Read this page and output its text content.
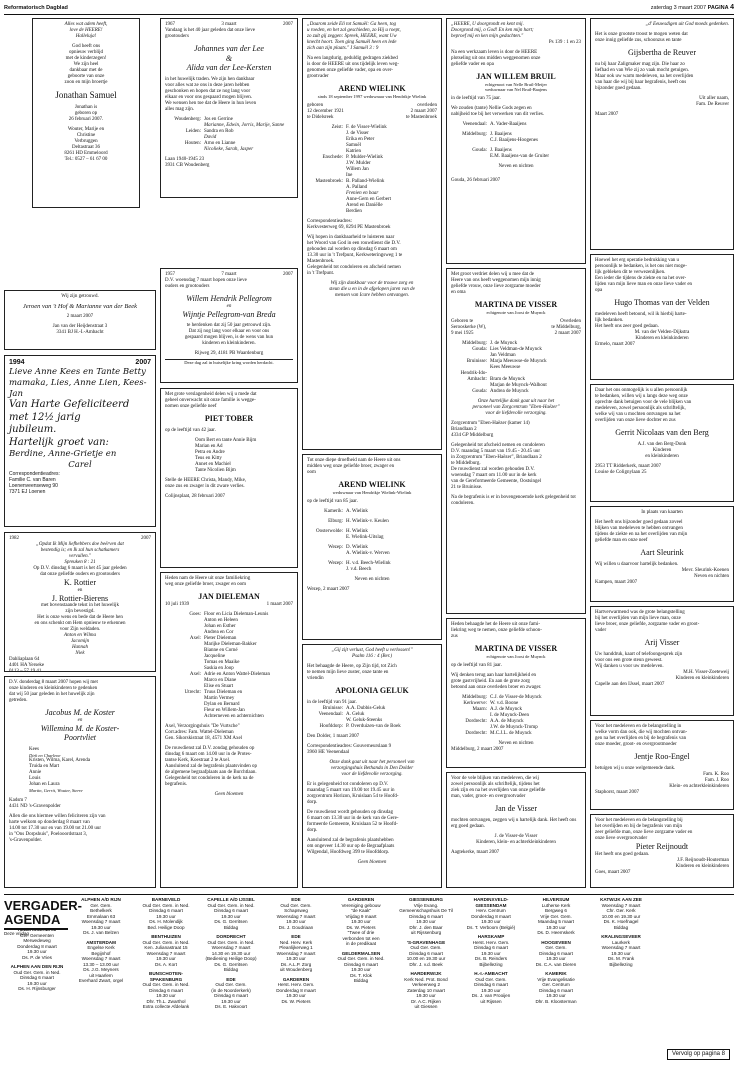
Reformatorisch Dagblad	zaterdag 3 maart 2007 PAGINA 4
Alles wat adem heeft,
love de HEERE!
Halleluja!
God heeft ons
opnieuw verblijd
met de kinderzegen!
We zijn heel
dankbaar met de
geboorte van onze
zoon en mijn broertje
Jonathan Samuel
Jonathan is
geboren op
26 februari 2007.
Wouter, Marije en
Christine
Verbruggen
Deltastraat 36
8261 HD Emmeloord
Tel.: 0527 – 61 67 00
Wij zijn getrouwd.
Jeroen van 't Hof & Marianne van der Beek
2 maart 2007
Jan van der Heijdenstraat 3
3341 BJ H.-I.-Ambacht
1994	2007
Lieve Anne Kees en Tante Betty
mamaka, Lies, Anne Lien, Kees-Jan
Van Harte Gefeliciteerd
met 12½ jarig
jubileum.
Hartelijk groet van:
Berdine, Anne-Grietje en
Carel
Correspondentieadres:
Familie C. van Baren
Loenenveenseweg 90
7371 EJ Loenen
1982	2007
„Opdat Ik Mijn liefhebbers doe beërven dat
bestendig is; en Ik zal hun schatkamers
vervullen."
Spreuken 8 : 21
Op D.V. dinsdag 6 maart is het 45 jaar geleden
dat onze geliefde ouders en grootouders
K. Rottier
en
J. Rottier-Bierens
met bovenstaande tekst in het huwelijk
zijn bevestigd.
Het is onze wens en bede dat de Heere hen
en ons schenkt om Hem opnieuw te erkennen
voor Zijn weldaden.
Anton en Wilma
Jacomijn
Hannah
Niek
Dahliaplaan 64
4401 HA Yerseke
0113 – 57 19 41
D.V. donderdag 8 maart 2007 hopen wij met
onze kinderen en kleinkinderen te gedenken
dat wij 50 jaar geleden in het huwelijk zijn
getreden.
Jacobus M. de Koster
en
Willemina M. de Koster-
Poortvliet
Kees
Dirk en Charlene
Kristen, Wilma, Karel, Arenda
Truida en Mart
Annie
Louis
Johan en Laura
Martin, Gerrit, Wouter, Sterre
Kadsm 7
4431 ND 's-Gravenpolder
Allen die ons hiermee willen feliciteren zijn van
harte welkom op donderdag 8 maart van
14.00 tot 17.30 uur en van 19.00 tot 21.00 uur
in "Ons Dorpshuis", Poelooordstraat 3,
's-Gravenpolder.
1967	3 maart	2007
Vandaag is het 40 jaar geleden dat onze lieve
grootouders
Johannes van der Lee
&
Alida van der Lee-Kersten
in het huwelijk traden. We zijn hen dankbaar
voor alles wat ze ons in deze jaren hebben
geschonken en hopen dat ze nog lang voor
elkaar en voor ons gespaard mogen blijven.
We wensen hen toe dat de Heere in hun leven
alles mag zijn.
Woudenberg: Jos en Gerrine
Marianne, Edwin, Jorris, Marije, Sanne
Leiden: Sandra en Rob
David
Houten: Arno en Lianne
Nicolieke, Sarah, Jasper
Laan 1940-1945 23
3931 CB Woudenberg
1957	7 maart	2007
D.V. woensdag 7 maart hopen onze lieve
ouders en grootouders
Willem Hendrik Pellegrom
en
Wijntje Pellegrom-van Breda
te herdenken dat zij 50 jaar getrouwd zijn.
Dat zij nog lang voor elkaar en voor ons
gespaard mogen blijven, is de wens van hun
kinderen en kleinkinderen.
Rijweg 29, 4181 PB Waardenburg
Deze dag zal in huiselijke kring worden herdacht.
Met grote verslagenheid delen wij u mede dat
geheel onverwacht uit onze familie is wegge-
nomen onze geliefde neef
PIET TOBER
op de leeftijd van 42 jaar.
Oom Bert en tante Annie Bijm
Marian en Ad
Petra en Andre
Teus en Kitty
Annet en Machiel
Tante Nicolien Bijm
Stelle de HEERE Christa, Mandy, Mike,
onze zus en zwager in dit zware verlies.
Colijnsplaat, 28 februari 2007
Heden nam de Heere uit onze familiekring
weg onze geliefde broer, zwager en oom
JAN DIELEMAN
10 juli 1939	1 maart 2007
Goes: Floor en Licia Dieleman-Leunis
Anton en Heleen
Johan en Esther
Andrea en Cor
Axel: Pieter Dieleman
Marijke Dieleman-Bakker
Bianne en Corné
Jacqueline
Tomas en Maaike
Saskia en Joop
Axel: Adrie en Anton Wattel-Dieleman
Marco en Diane
Elise en Stuart
Utrecht: Truus Dieleman en
Martin Vermey
Dylan en Bernard
Fleur en Willem-Jan
Achterneven en achternichten
Axel, Verzorgingshuis "De Vurtsche"
Corr.adres: Fam. Wattel-Dieleman
Gen. Sikorskistraat 18, 4571 XM Axel
De rouwdienst zal D.V. zondag gehouden op
dinsdag 6 maart om 14.00 uur in de Protes-
tantse Kerk, Koestraat 2 te Axel.
Aansluitend zal de begrafenis plaatsvinden op
de algemene begraafplaats aan de Burchtlaan.
Gelegenheid tot condoleren in de kerk na de
begrafenis.
Geen bloemen
„Daarom zeide Eli tot Samuël: Ga heen, tog
u roeden, en het zal geschieden, zo Hij u roept,
zo zult gij zeggen: Spreek, HEERE, want Uw
knecht hoort. Toen ging Samuël heen en lede
zich aan zijn plaats." I Samuël 3 : 9
Na een langdurig, geduldig gedragen ziekbed
is door de HEERE uit ons tijdelijk leven weg-
genomen onze geliefde vader, opa en over-
grootvader
AREND WIELINK
sinds 18 september 1997 weduwnaar van Hendrikje Wielink
geboren	overleden
12 december 1921	2 maart 2007
te Didelsreek	te Mastenbroek
Zeist: F. de Visser-Wielink
J. de Visser
Erika en Peter
Samuël
Katrien
Enschede: P. Mulder-Wielink
J.W. Mulder
Willem Jan
Ine
Mastenbroek: B. Palland-Wielink
A. Palland
Frenien en baar
Anne-Gern en Gerbert
Arend en Daniëlle
Berdien
Correspondentieadres:
Kerkvesterweg 69, 8294 PE Mastenbroek
Wij hopen in dankbaarheid te luisteren naar
het Woord van God in een rouwdienst die D.V.
gehouden zal worden op dinsdag 6 maart om
13.30 uur in 't Trefpunt, Kerkweteringsweg 1 te
Mastenbroek.
Gelegenheid tot condoleren en afscheid nemen
in 't Trefpunt.
Wij zijn dankbaar voor de trouwe zorg en
steun die u en in de afgelopen jaren van de
mensen van Icare hebben ontvangen.
Tot onze diepe droefheid nam de Heere uit ons
midden weg onze geliefde broer, zwager en
oom
AREND WIELINK
weduwnaar van Hendrikje Wielink-Wielink
op de leeftijd van 85 jaar.
Kamerik: A. Wielink
Elburg: H. Wielink-v. Keulen
Oosterwolde: H. Wielink
E. Wielink-Uitslag
Wezep: D. Wielink
A. Wielink-v. Werven
Wezep: H. v.d. Beech-Wielink
J. v.d. Beech
Neven en nichten
Wezep, 2 maart 2007
„Gij zijt verlust, God heeft u verlossen!"
Psalm 116 : 4 (Ber.)
Het behaagde de Heere, op Zijn tijd, tot Zich
te nemen mijn lieve zuster, onze tante en
vriendin
APOLONIA GELUK
in de leeftijd van 91 jaar.
Bruinisse: A.A. Dubbis-Geluk
Veenendaal: A. Geluk
W. Geluk-Steenks
Hoofddorp: P. Overduizen-van de Boek
Den Dolder, 1 maart 2007
Correspondentieadres: Gouverneurslaan 9
3960 HE Veenendaal
Onze dank gaat uit naar het personeel van
verzorgingshuis Bethanda in Den Dolder
voor de liefdevolle verzorging.
Er is gelegenheid tot condoleren op D.V.
maandag 5 maart van 19.00 tot 19.45 uur in
zorgcentrum Horizon, Kruislaan 54 te Hoofd-
dorp.
De rouwdienst wordt gehouden op dinsdag
6 maart om 13.30 uur in de kerk van de Gere-
formeerde Gemeente, Kruislaan 52 te Hoofd-
dorp.
Aansluitend zal de begrafenis plaatshebben
om ongeveer 14.30 uur op de Begraafplaats
Wilgendal, Hoofdweg 399 te Hoofddorp.
Geen bloemen
„HEERE, U doorgrondt en kent mij.
Doorgrond mij, o God! En ken mijn hart;
beproef mij en ken mijn gedachten."
Ps 139 : 1 en 23
Na een werkzaam leven is door de HEERE
plotseling uit ons midden weggenomen onze
geliefde vader en opa
JAN WILLEM BRUIL
echtgenoot van Nelle Bruil-Meijer
weduwnaar van Nel Bruil-Baajens
in de leeftijd van 75 jaar.
We zouden (tante) Nellie Gods zegen en
nabijheid toe bij het verwerken van dit verlies.
Veenendaal: A. Vader-Baaijens
Middelburg: J. Baaijens
C.J. Baaijens-Hoogenes
Gouda: J. Baaijens
E.M. Baaijens-van de Gruiter
Neven en nichten
Gouda, 26 februari 2007
Met groot verdriet delen wij u mee dat de
Heere van ons heeft weggenomen mijn innig
geliefde vrouw, onze lieve zorgzame moeder
en oma
MARTINA DE VISSER
echtgenote van Joost de Muynck
Geboren te	Overleden
Serooskerke (W),	te Middelburg,
9 mei 1925	2 maart 2007
Middelburg: J. de Muynck
Gouda: Lies Veldman-de Muynck
Jan Veldman
Bruinisse: Marja Meeuwse-de Muynck
Kees Meeuwse
Hendrik-Ido-Ambacht: Bram de Muynck
Marjan de Muynck-Walhout
Gouda: Andrea de Muynck
Onze hartelijke dank gaat uit naar het
personeel van Zorgcentrum "Eben-Haëzer"
voor de liefdevolle verzorging.
Zorgcentrum "Eben-Haëzer (kamer 14)
Briandlaan 2
4334 GP Middelburg
Gelegenheid tot afscheid nemen en condoleren
D.V. maandag 5 maart van 19.45 - 20.45 uur
in Zorgcentrum "Eben-Haëzer", Briandlaan 2
te Middelburg.
De rouwdienst zal worden gehouden D.V.
woensdag 7 maart om 11.00 uur in de kerk
van de Gereformeerde Gemeente, Oostsingel
21 te Bruinisse.
Na de begrafenis is er in bovengenoemde kerk gelegenheid tot condoleren.
Heden behaagde het de Heere uit onze fami-
liekring weg te nemen, onze geliefde schoon-
zus
MARTINA DE VISSER
echtgenote van Joost de Muynck
op de leeftijd van 81 jaar.
Wij denken terug aan haar hartelijkheid en
grote gastvrijheid. En aan de grote zorg
betoond aan onze overleden broer en zwager.
Middelburg: C.J. de Visser-de Muynck
Kerkwerve: W. v.d. Boone
Maarn: A.J. de Muynck
I. de Muynck-Deen
Dordrecht: A.A. de Muynck
J.W. de Muynck-Tromp
Dordrecht: M.C.J.L. de Muynck
Neven en nichten
Middelburg, 2 maart 2007
Voor de vele blijken van medeleven, die wij
zowel persoonlijk als schriftelijk, tijdens het
ziek zijn en na het overlijden van onze geliefde
man, vader, groot- en overgrootvader
Jan de Visser
mochten ontvangen, zeggen wij u hartelijk dank. Het heeft ons erg goed gedaan.
J. de Visser-de Visser
Kinderen, klein- en achterkleinkinderen
Aagtekerke, maart 2007
„d' Eeuwsdigen uit God moeds gedenken.
Het is onze grootste troost te mogen weten dat
onze innig geliefde zus, schoonzus en tante
Gijsbertha de Reuver
nu bij haar Zaligmaker mag zijn. Die haar zo
liefhad en van Wie zij zo vaak mocht getuigen.
Maar ook uw warm medeleven, na het overlijden
van haar die wij bij haar begrafenis, heeft ons
bijzonder goed gedaan.
Uit aller naam,
Fam. De Reuver
Maart 2007
Hoewel het erg operatie bedrukking van u
persoonlijk te bedanken, is het ons niet moge-
lijk gebleken dit te verwezenlijken.
Een ieder die tijdens de ziekte en na het over-
lijden van mijn lieve man en onze lieve vader en
opa
Hugo Thomas van der Velden
medeleven heeft betoond, wil ik hierbij harte-
lijk bedanken.
Het heeft ons zeer goed gedaan.
M. van der Velden-Dijkstra
Kinderen en kleinkinderen
Ermelo, maart 2007
Daar het ons onmogelijk is u allen persoonlijk
te bedanken, willen wij u langs deze weg onze
oprechte dank betuigen voor de vele blijken van
medeleven, zowel persoonlijk als schriftelijk,
welke wij van u mochten ontvangen na het
overlijden van onze lieve dochter en zus
Gerrit Nicolaas van den Berg
A.J. van den Berg-Donk
Kinderen
en kleinkinderen
2953 TT Ridderkerk, maart 2007
Louise de Colignylaan 25
In plaats van kaarten
Het heeft ons bijzonder goed gedaan zoveel
blijken van medeleven te hebben ontvangen
tijdens de ziekte en na het overlijden van mijn
geliefde man en onze neef
Aart Sleurink
Wij willen u daarvoor hartelijk bedanken.
Mevr. Sleurink-Koenen
Neven en nichten
Kampen, maart 2007
Hartverwarmend was de grote belangstelling
bij het overlijden van mijn lieve man, onze
lieve broer, onze geliefde, zorgzame vader en groot-
vader
Arij Visser
Uw handdruk, kaart of telefoongesprek zijn
voor ons een grote steun geweest.
Wij danken u voor uw medeleven.
M.H. Visser-Zoeteweij
Kinderen en kleinkinderen
Capelle aan den IJssel, maart 2007
Voor het medeleven en de belangstelling in
welke vorm dan ook, die wij mochten ontvan-
gen na het overlijden en bij de begrafenis van
onze moeder, groot- en overgrootmoeder
Jentje Roo-Engel
betuigen wij u onze welgemeende dank.
Fam. K. Roo
Fam. J. Roo
Klein- en achterkleinkinderen
Staphorst, maart 2007
Voor het medeleven en de belangstelling bij
het overlijden en bij de begrafenis van mijn
zeer geliefde man, onze lieve zorgzame vader en
onze lieve overgrootvader
Pieter Reijnoudt
Het heeft ons goed gedaan.
J.F. Reijnoudt-Houterman
Kinderen en kleinkinderen
Goes, maart 2007
VERGADER-AGENDA
Deze vrijdag
ALBLASSERDAM
Ger. Gemeenten
Merwedeweg
Donderdag 8 maart
19.30 uur
Ds. P. de Vries
ALPHEN AAN DEN RIJN
Oud Ger. Gem. in Ned.
Dinsdag 6 maart
19.30 uur
Ds. H. Rijnsburger
ALPHEN A/D RIJN
Ger. Gem.
Bethelkerk
Emmalaan 63
Woensdag 7 maart
19.30 uur
Ds. J. van Belzen
AMSTERDAM
Engelse Kerk
Begijnhof
Woensdag 7 maart
13.30 – 13.00 uur
Ds. J.G. Meyners
uit Haarlem
Everhard Zwart, orgel
BARNEVELD
Oud Ger. Gem. in Ned.
Dinsdag 6 maart
19.30 uur
Ds. H. Molendijk
Bed. Heilige Doop
BENTHUIZEN
Oud Ger. Gem. in Ned.
Ken. Julianastraat 15
Woensdag 7 maart
19.30 uur
Ds. A. Kort
BUNSCHOTEN-SPAKENBURG
Oud Ger. Gem. in Ned.
Dinsdag 6 maart
19.30 uur
Dhr. Th.L. Zwarthol
Extra collecte Afdelank
CAPELLE A/D IJSSEL
Oud Ger. Gem. in Ned.
Dinsdag 6 maart
19.30 uur
Ds. G. Gerritsen
Biddag
DORDRECHT
Oud Ger. Gem. in Ned.
Woensdag 7 maart
14.30 en 19.30 uur
(Bediening Heilige Doop)
Ds. G. Gerritsen
Biddag
EDE
Oud Ger. Gem.
(in de Noorderkerk)
Dinsdag 6 maart
19.30 uur
Ds. E. Hakvoort
EDE
Oud Ger. Gem.
Schapsweg
Woensdag 7 maart
19.30 uur
Ds. J. Goudriaan
EDE
Ned. Herv. Kerk
Pleanlijkerweg 1
Woensdag 7 maart
19.30 uur
Ds. A.L.P. Zorg
uit Woudenberg
GARDEREN
Herst. Herv. Gem.
Donderdag 8 maart
19.30 uur
Ds. W. Pieters
GARDEREN
Vereniging gebouw
"de Kaak"
Vrijdag 9 maart
19.30 uur
Ds. W. Pieters
"Twee of drie
verbonden tot een
in de predikaat
GELDERMALSEN
Oud Ger. Gem. in Ned.
Dinsdag 6 maart
19.30 uur
Ds. T. Klok
Biddag
GIESSENBURG
Vrije Evang.
Gemeenschapshuis De Til
Dinsdag 6 maart
19.30 uur
Dhr. J. den Baar
uit Rijssenburg
'S-GRAVENHAGE
Oud Ger. Gem.
Dinsdag 6 maart
10.00 en 19.30 uur
Dhr. J. v.d. Beek
HARDERWIJK
Kerk Ned. Prot. Bond
Verkeerweg 2
Zaterdag 10 maart
19.30 uur
Dr. A.C. Rijken
uit Giessen
HARDINXVELD-GIESSENDAM
Herv. Centrum
Donderdag 8 maart
19.30 uur
Ds. T. Verboom (Belgié)
HARSKAMP
Herst. Herv. Gem.
Dinsdag 6 maart
19.30 uur
Ds. B. Reinders
Bijbellezing
H.-I.-AMBACHT
Oud Ger. Gem.
Dinsdag 6 maart
19.30 uur
Ds. J. van Prooijen
uit Rijssen
HILVERSUM
Lutherse Kerk
Bergweg 6
Vrije Ger. Gem.
Maandag 5 maart
19.30 uur
Ds. D. Heemskerk
HOOGEVEEN
Ger. Gem.
Dinsdag 6 maart
19.30 uur
Ds. C.A. van Dieren
KAMERIK
Vrije Evangelisatie
Ger. Centrum
Dinsdag 6 maart
19.30 uur
Dhr. B. Kloosterman
KATWIJK AAN ZEE
Woensdag 7 maart
Chr. Ger. Kerk
10.00 en 19.30 uur
Ds. K. Hoefnagel
Biddag
KRALINGSEVEER
Laurkerk
Woensdag 7 maart
19.30 uur
Ds. M. Frank
Bijbellezing
Vervolg op pagina 8
